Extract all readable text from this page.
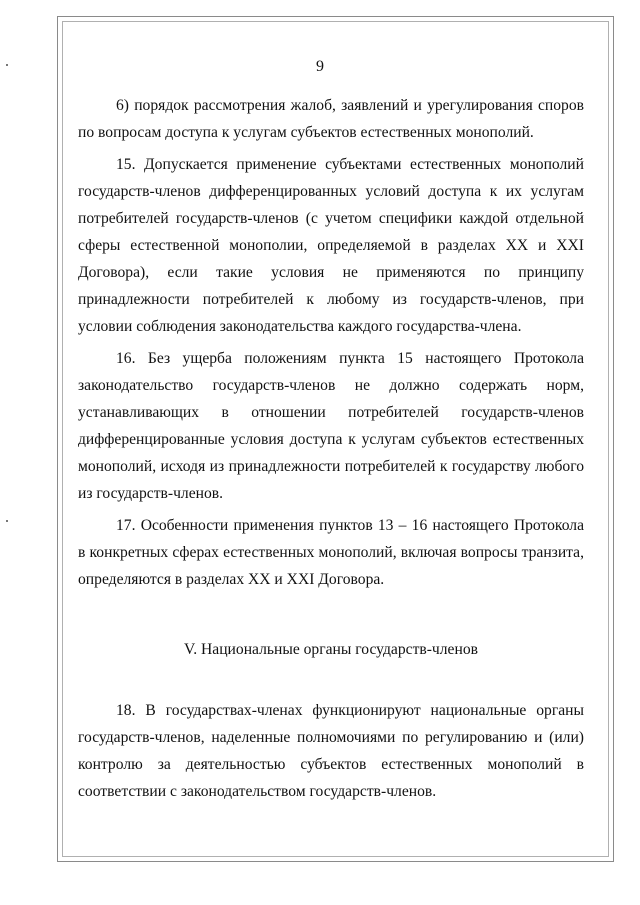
9

6) порядок рассмотрения жалоб, заявлений и урегулирования споров по вопросам доступа к услугам субъектов естественных монополий.

15. Допускается применение субъектами естественных монополий государств-членов дифференцированных условий доступа к их услугам потребителей государств-членов (с учетом специфики каждой отдельной сферы естественной монополии, определяемой в разделах XX и XXI Договора), если такие условия не применяются по принципу принадлежности потребителей к любому из государств-членов, при условии соблюдения законодательства каждого государства-члена.

16. Без ущерба положениям пункта 15 настоящего Протокола законодательство государств-членов не должно содержать норм, устанавливающих в отношении потребителей государств-членов дифференцированные условия доступа к услугам субъектов естественных монополий, исходя из принадлежности потребителей к государству любого из государств-членов.

17. Особенности применения пунктов 13 – 16 настоящего Протокола в конкретных сферах естественных монополий, включая вопросы транзита, определяются в разделах XX и XXI Договора.

V. Национальные органы государств-членов

18. В государствах-членах функционируют национальные органы государств-членов, наделенные полномочиями по регулированию и (или) контролю за деятельностью субъектов естественных монополий в соответствии с законодательством государств-членов.
